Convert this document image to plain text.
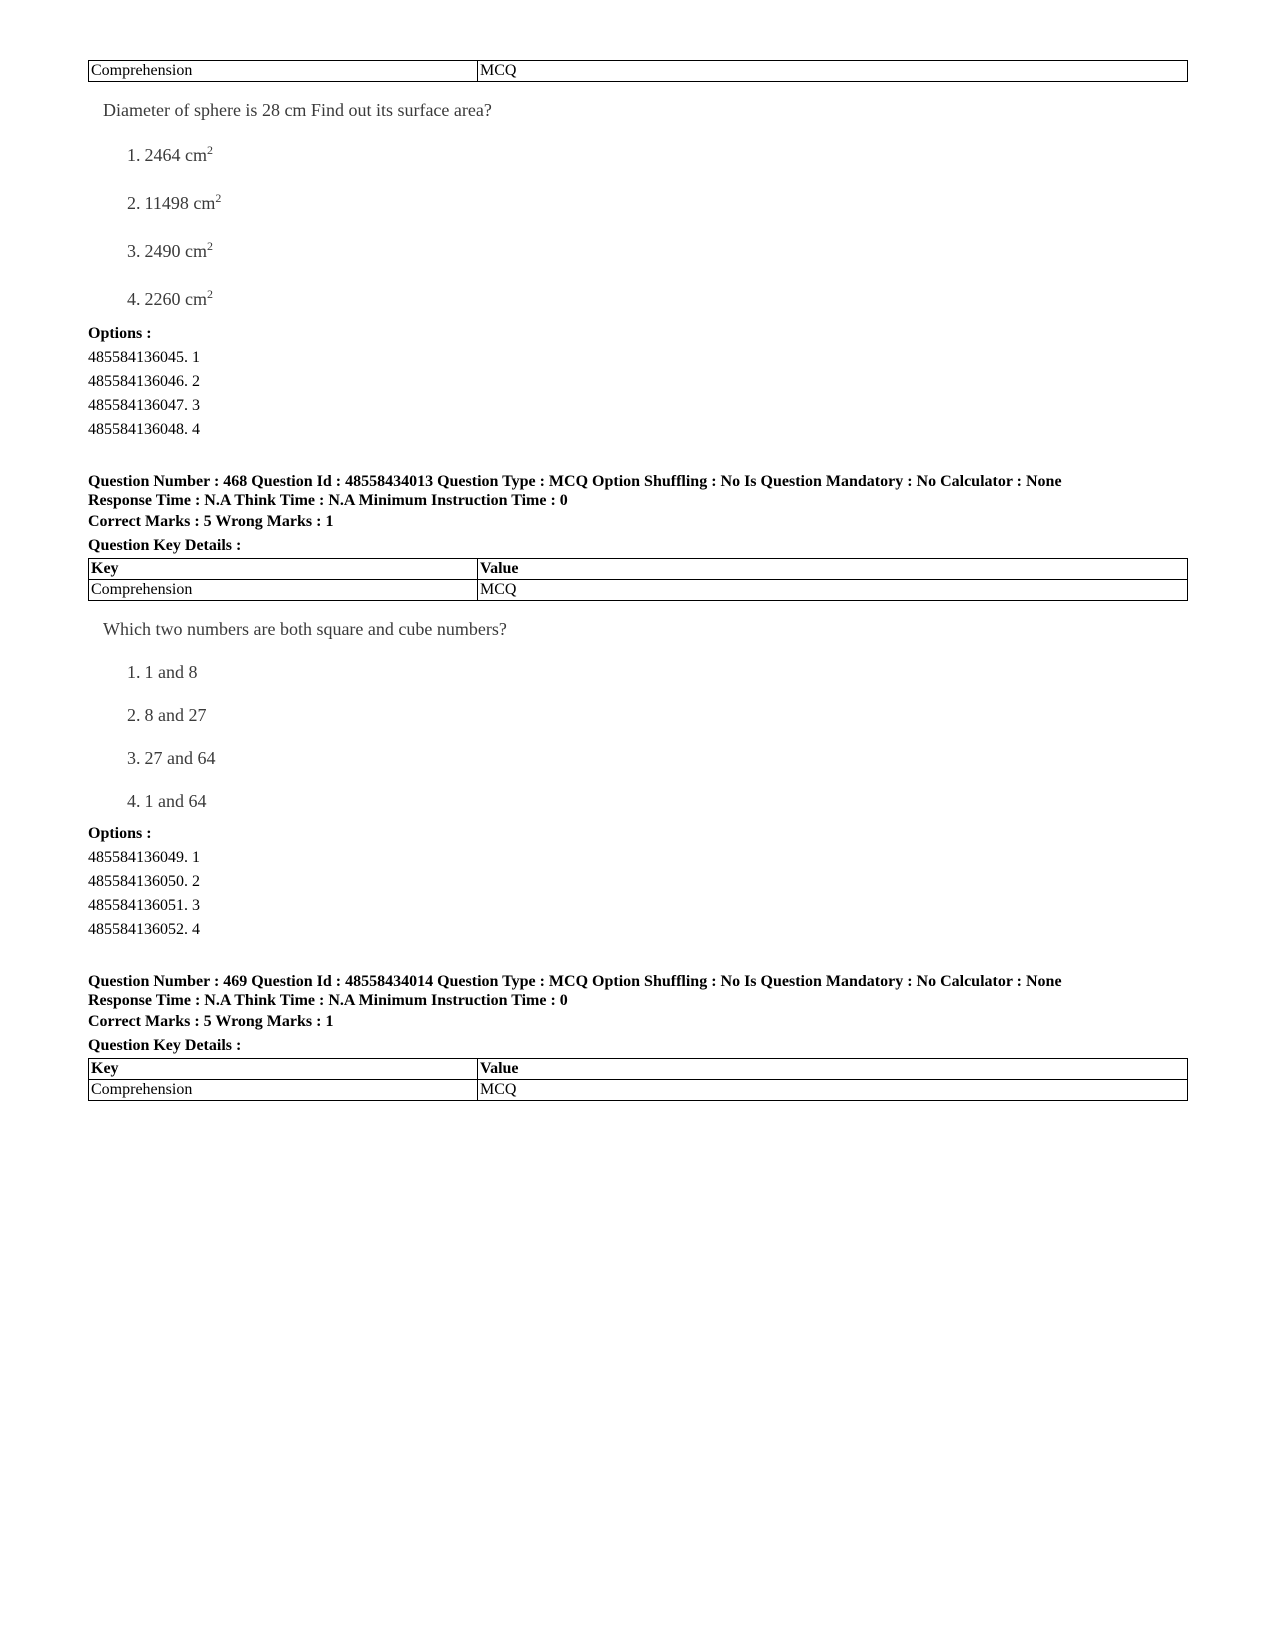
Comprehension	MCQ

Diameter of sphere is 28 cm Find out its surface area?

1. 2464 $cm^2$
2. 11498 $cm^2$
3. 2490 $cm^2$
4. 2260 $cm^2$
Options :
485584136045. 1
485584136046. 2
485584136047. 3
485584136048. 4
Question Number : 468 Question Id : 48558434013 Question Type : MCQ Option Shuffling : No Is Question Mandatory : No Calculator : None
Response Time : N.A Think Time : N.A Minimum Instruction Time : 0
Correct Marks : 5 Wrong Marks : 1
Question Key Details :
Key	Value
Comprehension	MCQ

Which two numbers are both square and cube numbers?

1. 1 and 8
2. 8 and 27
3. 27 and 64
4. 1 and 64
Options :
485584136049. 1
485584136050. 2
485584136051. 3
485584136052. 4
Question Number : 469 Question Id : 48558434014 Question Type : MCQ Option Shuffling : No Is Question Mandatory : No Calculator : None
Response Time : N.A Think Time : N.A Minimum Instruction Time : 0
Correct Marks : 5 Wrong Marks : 1
Question Key Details :
Key	Value
Comprehension	MCQ
